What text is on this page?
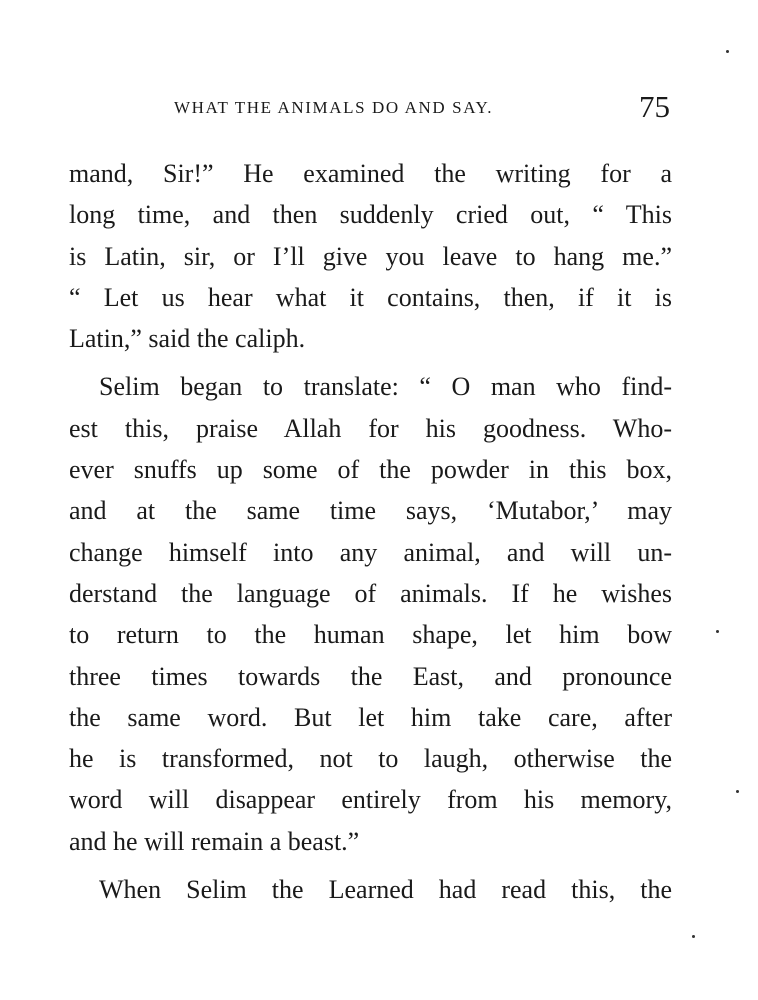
WHAT THE ANIMALS DO AND SAY.	75
mand, Sir!” He examined the writing for a
long time, and then suddenly cried out, “ This
is Latin, sir, or I’ll give you leave to hang me.”
“ Let us hear what it contains, then, if it is
Latin,” said the caliph.
Selim began to translate: “ O man who find-
est this, praise Allah for his goodness. Who-
ever snuffs up some of the powder in this box,
and at the same time says, ‘Mutabor,’ may
change himself into any animal, and will un-
derstand the language of animals. If he wishes
to return to the human shape, let him bow
three times towards the East, and pronounce
the same word. But let him take care, after
he is transformed, not to laugh, otherwise the
word will disappear entirely from his memory,
and he will remain a beast.”
When Selim the Learned had read this, the
